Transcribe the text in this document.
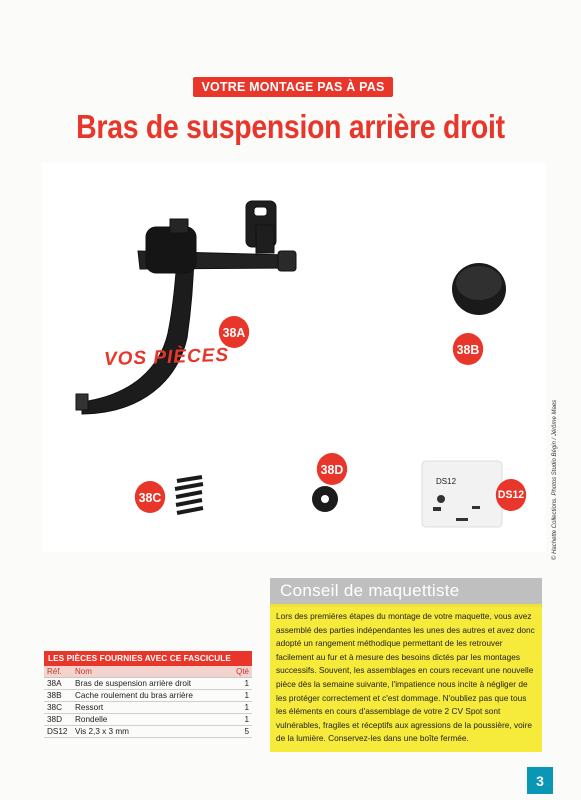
VOTRE MONTAGE PAS À PAS
Bras de suspension arrière droit
DS12
VOS PIÈCES
38A
38B
38C
38D
DS12	© Hachette Collections. Photos Studio Bégin / Jérôme Maes
LES PIÈCES FOURNIES AVEC CE FASCICULE
Réf.	Nom	Qté
38A	Bras de suspension arrière droit	1
38B	Cache roulement du bras arrière	1
38C	Ressort	1
38D	Rondelle	1
DS12	Vis 2,3 x 3 mm	5
Conseil de maquettiste
Lors des premières étapes du montage de votre maquette, vous avez assemblé des parties indépendantes les unes des autres et avez donc adopté un rangement méthodique permettant de les retrouver facilement au fur et à mesure des besoins dictés par les montages successifs. Souvent, les assemblages en cours recevant une nouvelle pièce dès la semaine suivante, l'impatience nous incite à négliger de les protéger correctement et c'est dommage. N'oubliez pas que tous les éléments en cours d'assemblage de votre 2 CV Spot sont vulnérables, fragiles et réceptifs aux agressions de la poussière, voire de la lumière. Conservez-les dans une boîte fermée.
3
